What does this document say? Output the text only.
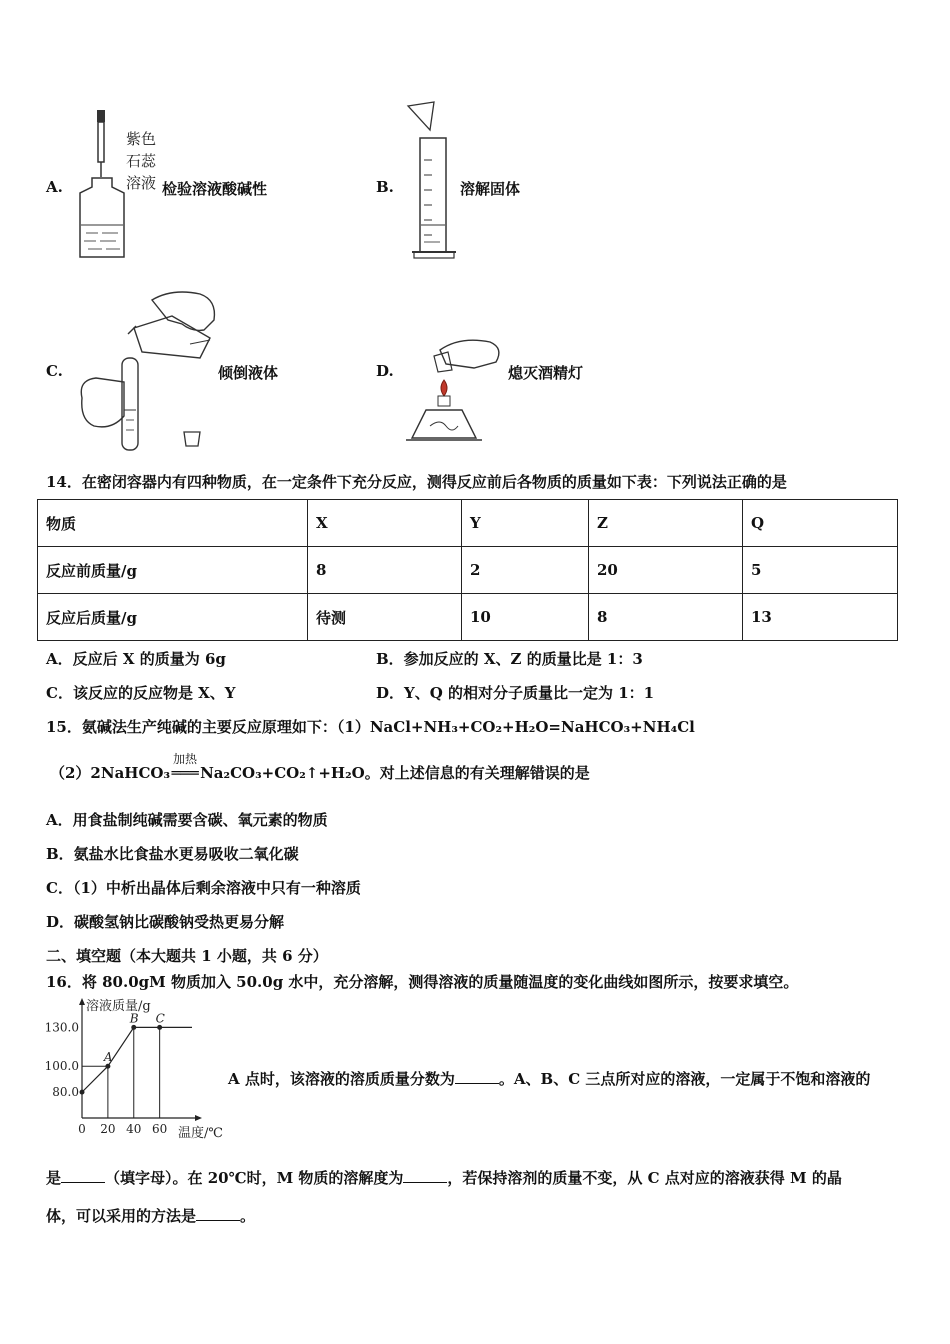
A.
紫色
石蕊
溶液 检验溶液酸碱性	B.	溶解固体
C.	倾倒液体	D.	熄灭酒精灯
14．在密闭容器内有四种物质，在一定条件下充分反应，测得反应前后各物质的质量如下表：下列说法正确的是
物质	X	Y	Z	Q
反应前质量/g	8	2	20	5
反应后质量/g	待测	10	8	13
A．反应后 X 的质量为 6g	B．参加反应的 X、Z 的质量比是 1：3
C．该反应的反应物是 X、Y	D．Y、Q 的相对分子质量比一定为 1：1
15．氨碱法生产纯碱的主要反应原理如下：（1）NaCl+NH₃+CO₂+H₂O=NaHCO₃+NH₄Cl
（2）2NaHCO₃
加热
═══Na₂CO₃+CO₂↑+H₂O。对上述信息的有关理解错误的是
A．用食盐制纯碱需要含碳、氧元素的物质
B．氨盐水比食盐水更易吸收二氧化碳
C．（1）中析出晶体后剩余溶液中只有一种溶质
D．碳酸氢钠比碳酸钠受热更易分解
二、填空题（本大题共 1 小题，共 6 分）
16．将 80.0gM 物质加入 50.0g 水中，充分溶解，测得溶液的质量随温度的变化曲线如图所示，按要求填空。
0 20 40 60
80.0
100.0
130.0
A
B C
溶液质量/g
温度/℃
A 点时，该溶液的溶质质量分数为	。A、B、C 三点所对应的溶液，一定属于不饱和溶液的
是	（填字母）。在 20℃时，M 物质的溶解度为	，若保持溶剂的质量不变，从 C 点对应的溶液获得 M 的晶
体，可以采用的方法是	。
